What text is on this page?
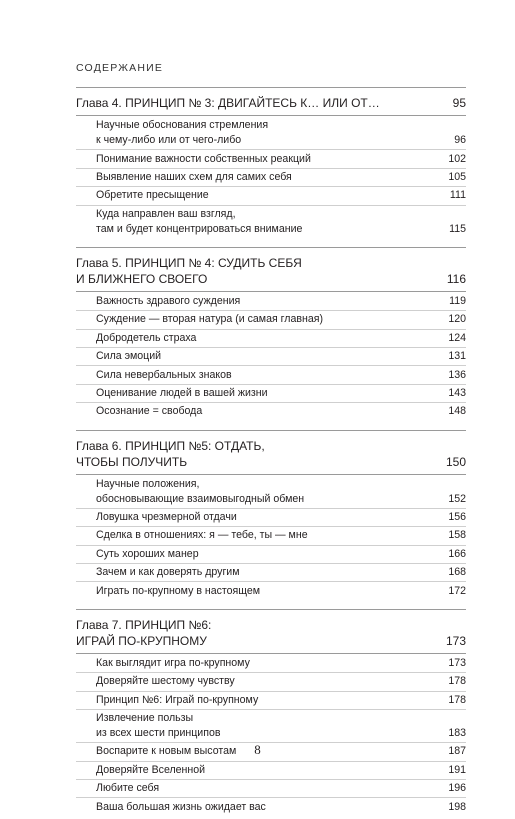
СОДЕРЖАНИЕ
Глава 4. ПРИНЦИП № 3: ДВИГАЙТЕСЬ К… ИЛИ ОТ…	95
Научные обоснования стремления
к чему-либо или от чего-либо	96
Понимание важности собственных реакций	102
Выявление наших схем для самих себя	105
Обретите пресыщение	111
Куда направлен ваш взгляд,
там и будет концентрироваться внимание	115
Глава 5. ПРИНЦИП № 4: СУДИТЬ СЕБЯ
И БЛИЖНЕГО СВОЕГО	116
Важность здравого суждения	119
Суждение — вторая натура (и самая главная)	120
Добродетель страха	124
Сила эмоций	131
Сила невербальных знаков	136
Оценивание людей в вашей жизни	143
Осознание = свобода	148
Глава 6. ПРИНЦИП №5: ОТДАТЬ,
ЧТОБЫ ПОЛУЧИТЬ	150
Научные положения,
обосновывающие взаимовыгодный обмен	152
Ловушка чрезмерной отдачи	156
Сделка в отношениях: я — тебе, ты — мне	158
Суть хороших манер	166
Зачем и как доверять другим	168
Играть по-крупному в настоящем	172
Глава 7. ПРИНЦИП №6:
ИГРАЙ ПО-КРУПНОМУ	173
Как выглядит игра по-крупному	173
Доверяйте шестому чувству	178
Принцип №6: Играй по-крупному	178
Извлечение пользы
из всех шести принципов	183
Воспарите к новым высотам	187
Доверяйте Вселенной	191
Любите себя	196
Ваша большая жизнь ожидает вас	198
8
